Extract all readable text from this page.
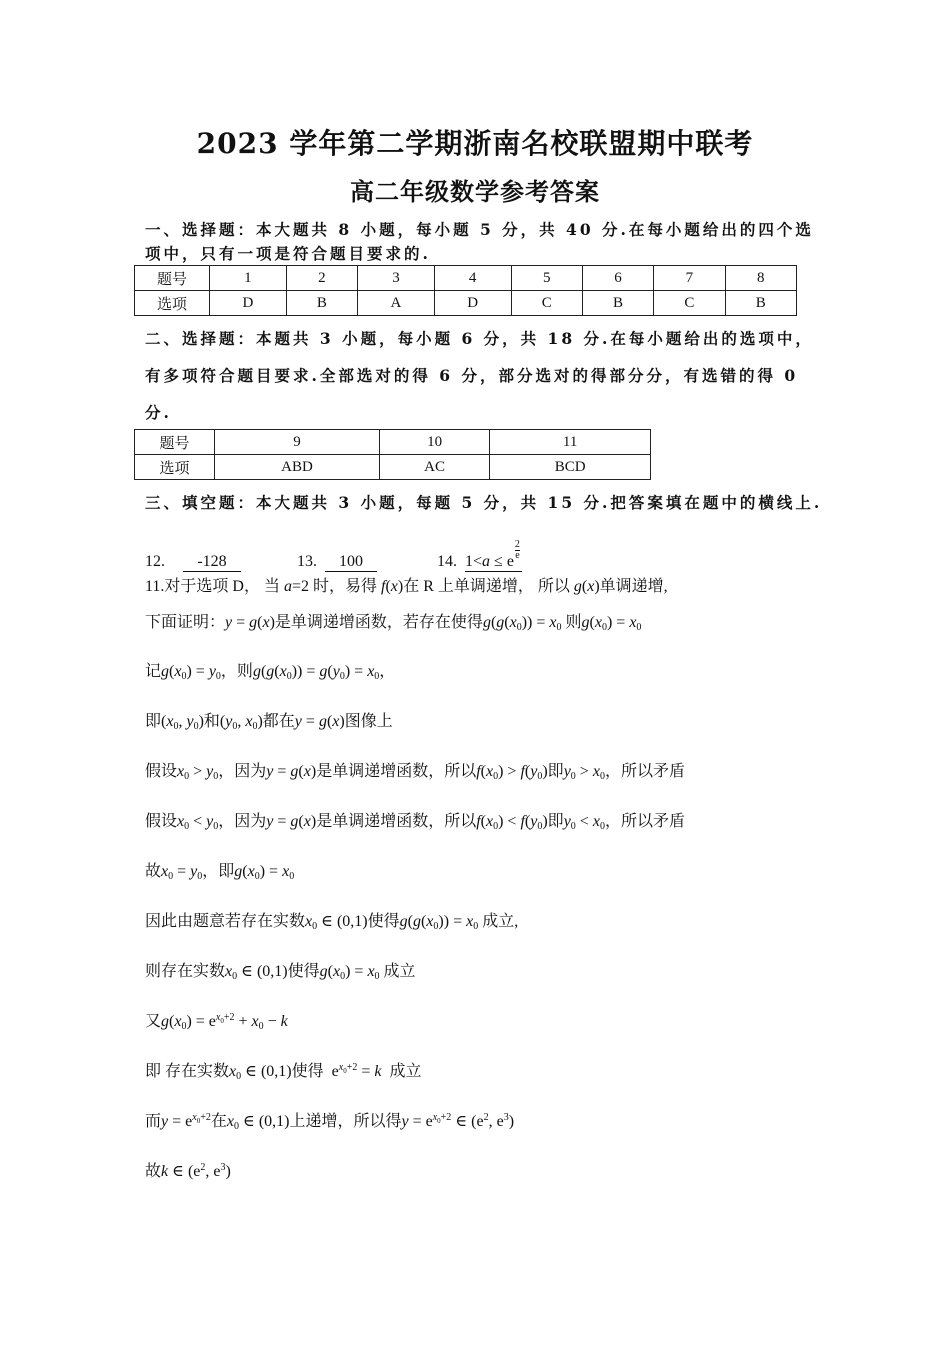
2023 学年第二学期浙南名校联盟期中联考
高二年级数学参考答案
一、选择题：本大题共 8 小题，每小题 5 分，共 40 分.在每小题给出的四个选
项中，只有一项是符合题目要求的.
题号	1	2	3	4	5	6	7	8
选项	D	B	A	D	C	B	C	B
二、选择题：本题共 3 小题，每小题 6 分，共 18 分.在每小题给出的选项中，
有多项符合题目要求.全部选对的得 6 分，部分选对的得部分分，有选错的得 0
分.
题号	9	10	11
选项	ABD	AC	BCD
三、填空题：本大题共 3 小题，每题 5 分，共 15 分.把答案填在题中的横线上.
12. -128	13. 100	14. 1<a ≤ e
$\frac{2}{e}$
11.对于选项 D， 当 a=2 时，易得 f(x)在 R 上单调递增， 所以 g(x)单调递增,
下面证明：y = g(x)是单调递增函数，若存在使得$g(g(x_0)) = x_0$ 则$g(x_0) = x_0$
记$g(x_0) = y_0$，则$g(g(x_0)) = g(y_0) = x_0$，
即($x_0$, $y_0$)和($y_0$, $x_0$)都在y = g(x)图像上
假设$x_0 > y_0$，因为y = g(x)是单调递增函数，所以$f(x_0) > f(y_0)$即$y_0 > x_0$，所以矛盾
假设$x_0 < y_0$，因为y = g(x)是单调递增函数，所以$f(x_0) < f(y_0)$即$y_0 < x_0$，所以矛盾
故$x_0 = y_0$，即$g(x_0) = x_0$
因此由题意若存在实数$x_0$ ∈ (0,1)使得$g(g(x_0)) = x_0$ 成立,
则存在实数$x_0$ ∈ (0,1)使得$g(x_0) = x_0$ 成立
又$g(x_0) = e^{x_0+2} + x_0 - k$
即 存在实数$x_0$ ∈ (0,1)使得  $e^{x_0+2} = k$ 成立
而$y = e^{x_0+2}$在$x_0$ ∈ (0,1)上递增，所以得$y = e^{x_0+2}$ ∈ ($e^2$, $e^3$)
故k ∈ ($e^2$, $e^3$)
